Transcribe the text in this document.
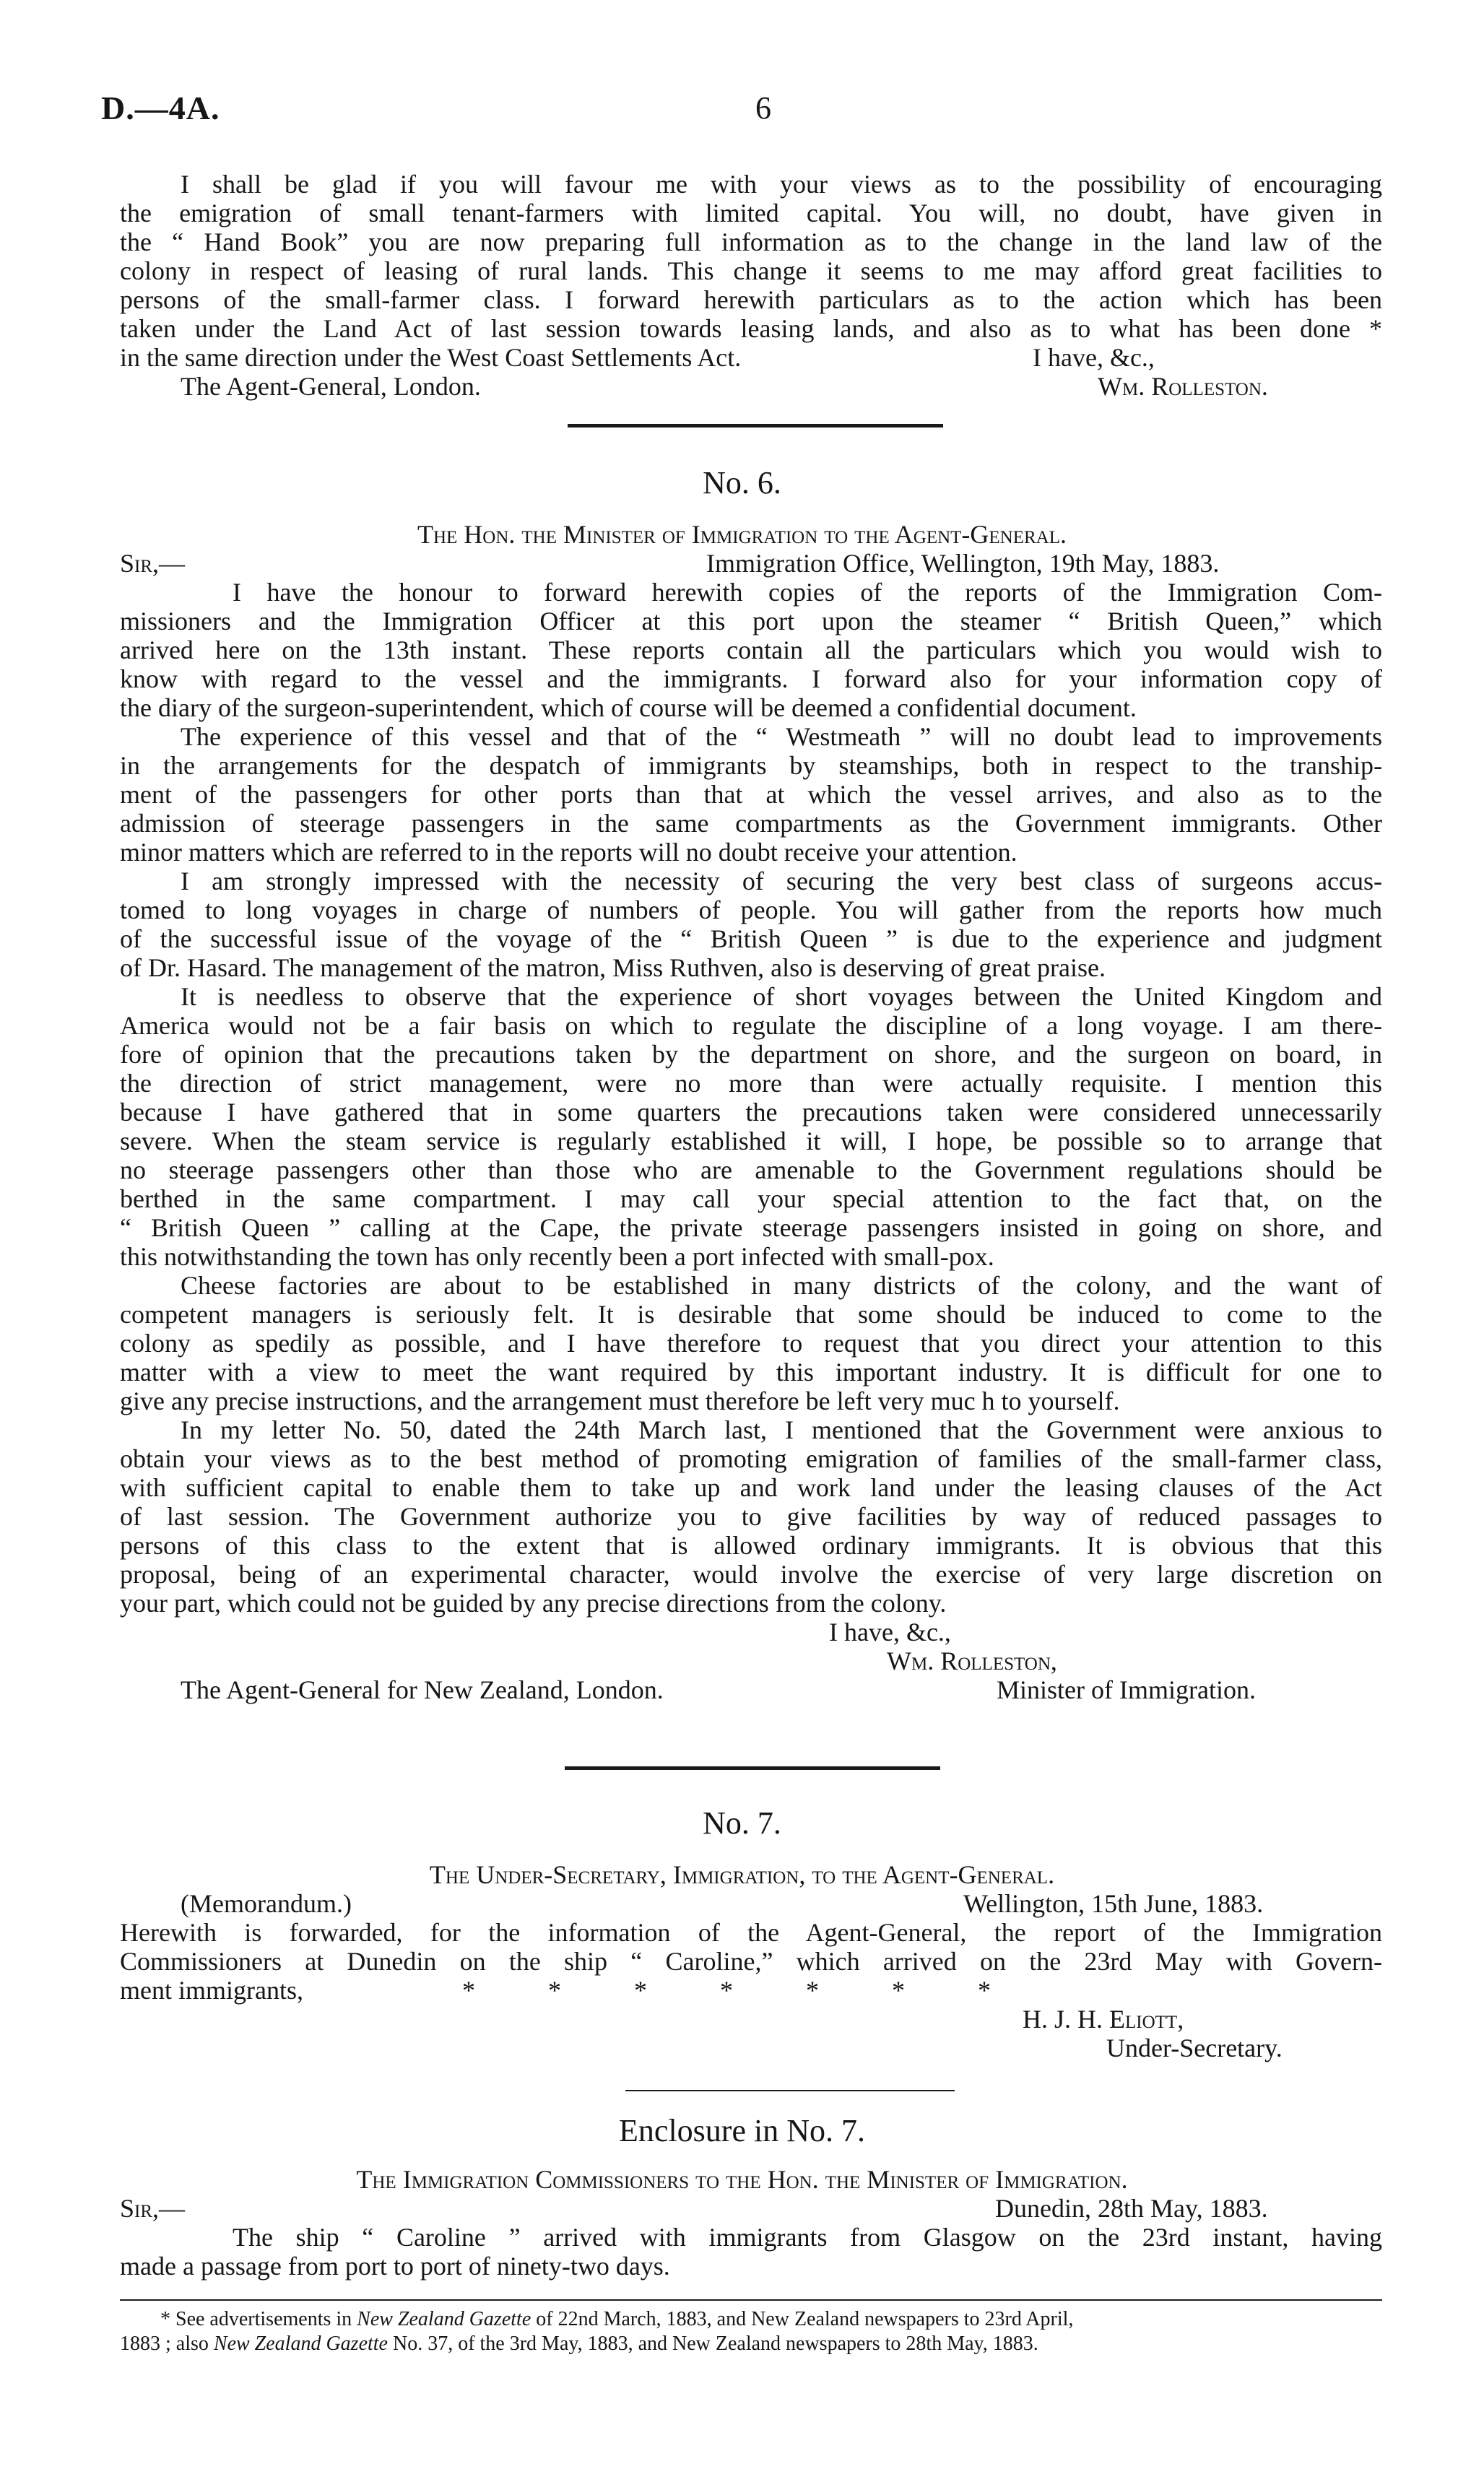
D.—4A.	6
I shall be glad if you will favour me with your views as to the possibility of encouraging
the emigration of small tenant-farmers with limited capital. You will, no doubt, have given in
the “ Hand Book” you are now preparing full information as to the change in the land law of the
colony in respect of leasing of rural lands. This change it seems to me may afford great facilities to
persons of the small-farmer class. I forward herewith particulars as to the action which has been
taken under the Land Act of last session towards leasing lands, and also as to what has been done *
in the same direction under the West Coast Settlements Act.	I have, &c.,
The Agent-General, London.	Wm. Rolleston.
No. 6.
The Hon. the Minister of Immigration to the Agent-General.
Sir,—	Immigration Office, Wellington, 19th May, 1883.
I have the honour to forward herewith copies of the reports of the Immigration Com-
missioners and the Immigration Officer at this port upon the steamer “ British Queen,” which
arrived here on the 13th instant. These reports contain all the particulars which you would wish to
know with regard to the vessel and the immigrants. I forward also for your information copy of
the diary of the surgeon-superintendent, which of course will be deemed a confidential document.
The experience of this vessel and that of the “ Westmeath ” will no doubt lead to improvements
in the arrangements for the despatch of immigrants by steamships, both in respect to the tranship-
ment of the passengers for other ports than that at which the vessel arrives, and also as to the
admission of steerage passengers in the same compartments as the Government immigrants. Other
minor matters which are referred to in the reports will no doubt receive your attention.
I am strongly impressed with the necessity of securing the very best class of surgeons accus-
tomed to long voyages in charge of numbers of people. You will gather from the reports how much
of the successful issue of the voyage of the “ British Queen ” is due to the experience and judgment
of Dr. Hasard. The management of the matron, Miss Ruthven, also is deserving of great praise.
It is needless to observe that the experience of short voyages between the United Kingdom and
America would not be a fair basis on which to regulate the discipline of a long voyage. I am there-
fore of opinion that the precautions taken by the department on shore, and the surgeon on board, in
the direction of strict management, were no more than were actually requisite. I mention this
because I have gathered that in some quarters the precautions taken were considered unnecessarily
severe. When the steam service is regularly established it will, I hope, be possible so to arrange that
no steerage passengers other than those who are amenable to the Government regulations should be
berthed in the same compartment. I may call your special attention to the fact that, on the
“ British Queen ” calling at the Cape, the private steerage passengers insisted in going on shore, and
this notwithstanding the town has only recently been a port infected with small-pox.
Cheese factories are about to be established in many districts of the colony, and the want of
competent managers is seriously felt. It is desirable that some should be induced to come to the
colony as spedily as possible, and I have therefore to request that you direct your attention to this
matter with a view to meet the want required by this important industry. It is difficult for one to
give any precise instructions, and the arrangement must therefore be left very muc h to yourself.
In my letter No. 50, dated the 24th March last, I mentioned that the Government were anxious to
obtain your views as to the best method of promoting emigration of families of the small-farmer class,
with sufficient capital to enable them to take up and work land under the leasing clauses of the Act
of last session. The Government authorize you to give facilities by way of reduced passages to
persons of this class to the extent that is allowed ordinary immigrants. It is obvious that this
proposal, being of an experimental character, would involve the exercise of very large discretion on
your part, which could not be guided by any precise directions from the colony.
I have, &c.,
Wm. Rolleston,
The Agent-General for New Zealand, London.	Minister of Immigration.
No. 7.
The Under-Secretary, Immigration, to the Agent-General.
(Memorandum.)	Wellington, 15th June, 1883.
Herewith is forwarded, for the information of the Agent-General, the report of the Immigration
Commissioners at Dunedin on the ship “ Caroline,” which arrived on the 23rd May with Govern-
ment immigrants,	*          *          *          *          *          *          *
H. J. H. Eliott,
Under-Secretary.
Enclosure in No. 7.
The Immigration Commissioners to the Hon. the Minister of Immigration.
Sir,—	Dunedin, 28th May, 1883.
The ship “ Caroline ” arrived with immigrants from Glasgow on the 23rd instant, having
made a passage from port to port of ninety-two days.
* See advertisements in New Zealand Gazette of 22nd March, 1883, and New Zealand newspapers to 23rd April,
1883 ; also New Zealand Gazette No. 37, of the 3rd May, 1883, and New Zealand newspapers to 28th May, 1883.
